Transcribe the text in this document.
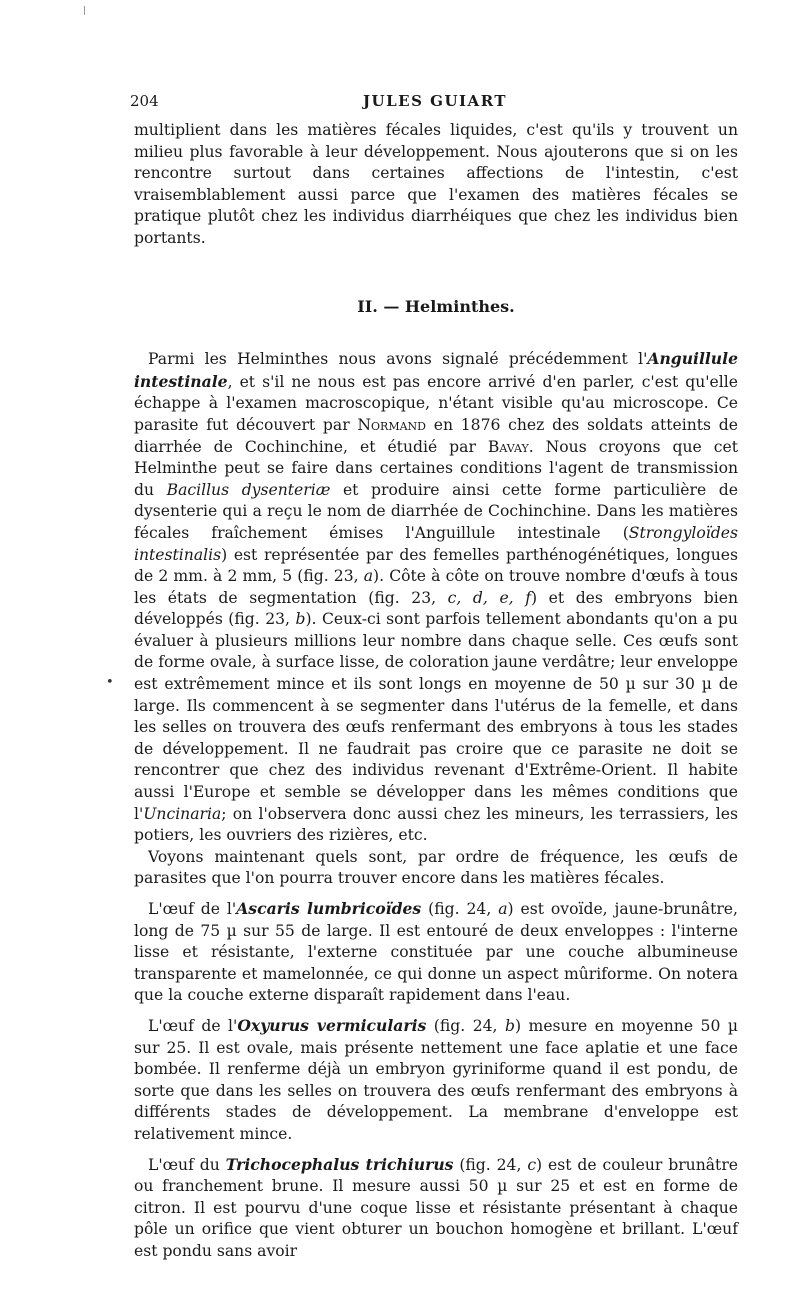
204	JULES GUIART
•

multiplient dans les matières fécales liquides, c'est qu'ils y trouvent un milieu plus favorable à leur développement. Nous ajouterons que si on les rencontre surtout dans certaines affections de l'intestin, c'est vraisemblablement aussi parce que l'examen des matières fécales se pratique plutôt chez les individus diarrhéiques que chez les individus bien portants.

II. — Helminthes.

Parmi les Helminthes nous avons signalé précédemment l'Anguillule intestinale, et s'il ne nous est pas encore arrivé d'en parler, c'est qu'elle échappe à l'examen macroscopique, n'étant visible qu'au microscope. Ce parasite fut découvert par Normand en 1876 chez des soldats atteints de diarrhée de Cochinchine, et étudié par Bavay. Nous croyons que cet Helminthe peut se faire dans certaines conditions l'agent de transmission du Bacillus dysenteriæ et produire ainsi cette forme particulière de dysenterie qui a reçu le nom de diarrhée de Cochinchine. Dans les matières fécales fraîchement émises l'Anguillule intestinale (Strongyloïdes intestinalis) est représentée par des femelles parthénogénétiques, longues de 2 mm. à 2 mm, 5 (fig. 23, a). Côte à côte on trouve nombre d'œufs à tous les états de segmentation (fig. 23, c, d, e, f) et des embryons bien développés (fig. 23, b). Ceux-ci sont parfois tellement abondants qu'on a pu évaluer à plusieurs millions leur nombre dans chaque selle. Ces œufs sont de forme ovale, à surface lisse, de coloration jaune verdâtre; leur enveloppe est extrêmement mince et ils sont longs en moyenne de 50 µ sur 30 µ de large. Ils commencent à se segmenter dans l'utérus de la femelle, et dans les selles on trouvera des œufs renfermant des embryons à tous les stades de développement. Il ne faudrait pas croire que ce parasite ne doit se rencontrer que chez des individus revenant d'Extrême-Orient. Il habite aussi l'Europe et semble se développer dans les mêmes conditions que l'Uncinaria; on l'observera donc aussi chez les mineurs, les terrassiers, les potiers, les ouvriers des rizières, etc.

Voyons maintenant quels sont, par ordre de fréquence, les œufs de parasites que l'on pourra trouver encore dans les matières fécales.

L'œuf de l'Ascaris lumbricoïdes (fig. 24, a) est ovoïde, jaune-brunâtre, long de 75 µ sur 55 de large. Il est entouré de deux enveloppes : l'interne lisse et résistante, l'externe constituée par une couche albumineuse transparente et mamelonnée, ce qui donne un aspect mûriforme. On notera que la couche externe disparaît rapidement dans l'eau.

L'œuf de l'Oxyurus vermicularis (fig. 24, b) mesure en moyenne 50 µ sur 25. Il est ovale, mais présente nettement une face aplatie et une face bombée. Il renferme déjà un embryon gyriniforme quand il est pondu, de sorte que dans les selles on trouvera des œufs renfermant des embryons à différents stades de développement. La membrane d'enveloppe est relativement mince.

L'œuf du Trichocephalus trichiurus (fig. 24, c) est de couleur brunâtre ou franchement brune. Il mesure aussi 50 µ sur 25 et est en forme de citron. Il est pourvu d'une coque lisse et résistante présentant à chaque pôle un orifice que vient obturer un bouchon homogène et brillant. L'œuf est pondu sans avoir
